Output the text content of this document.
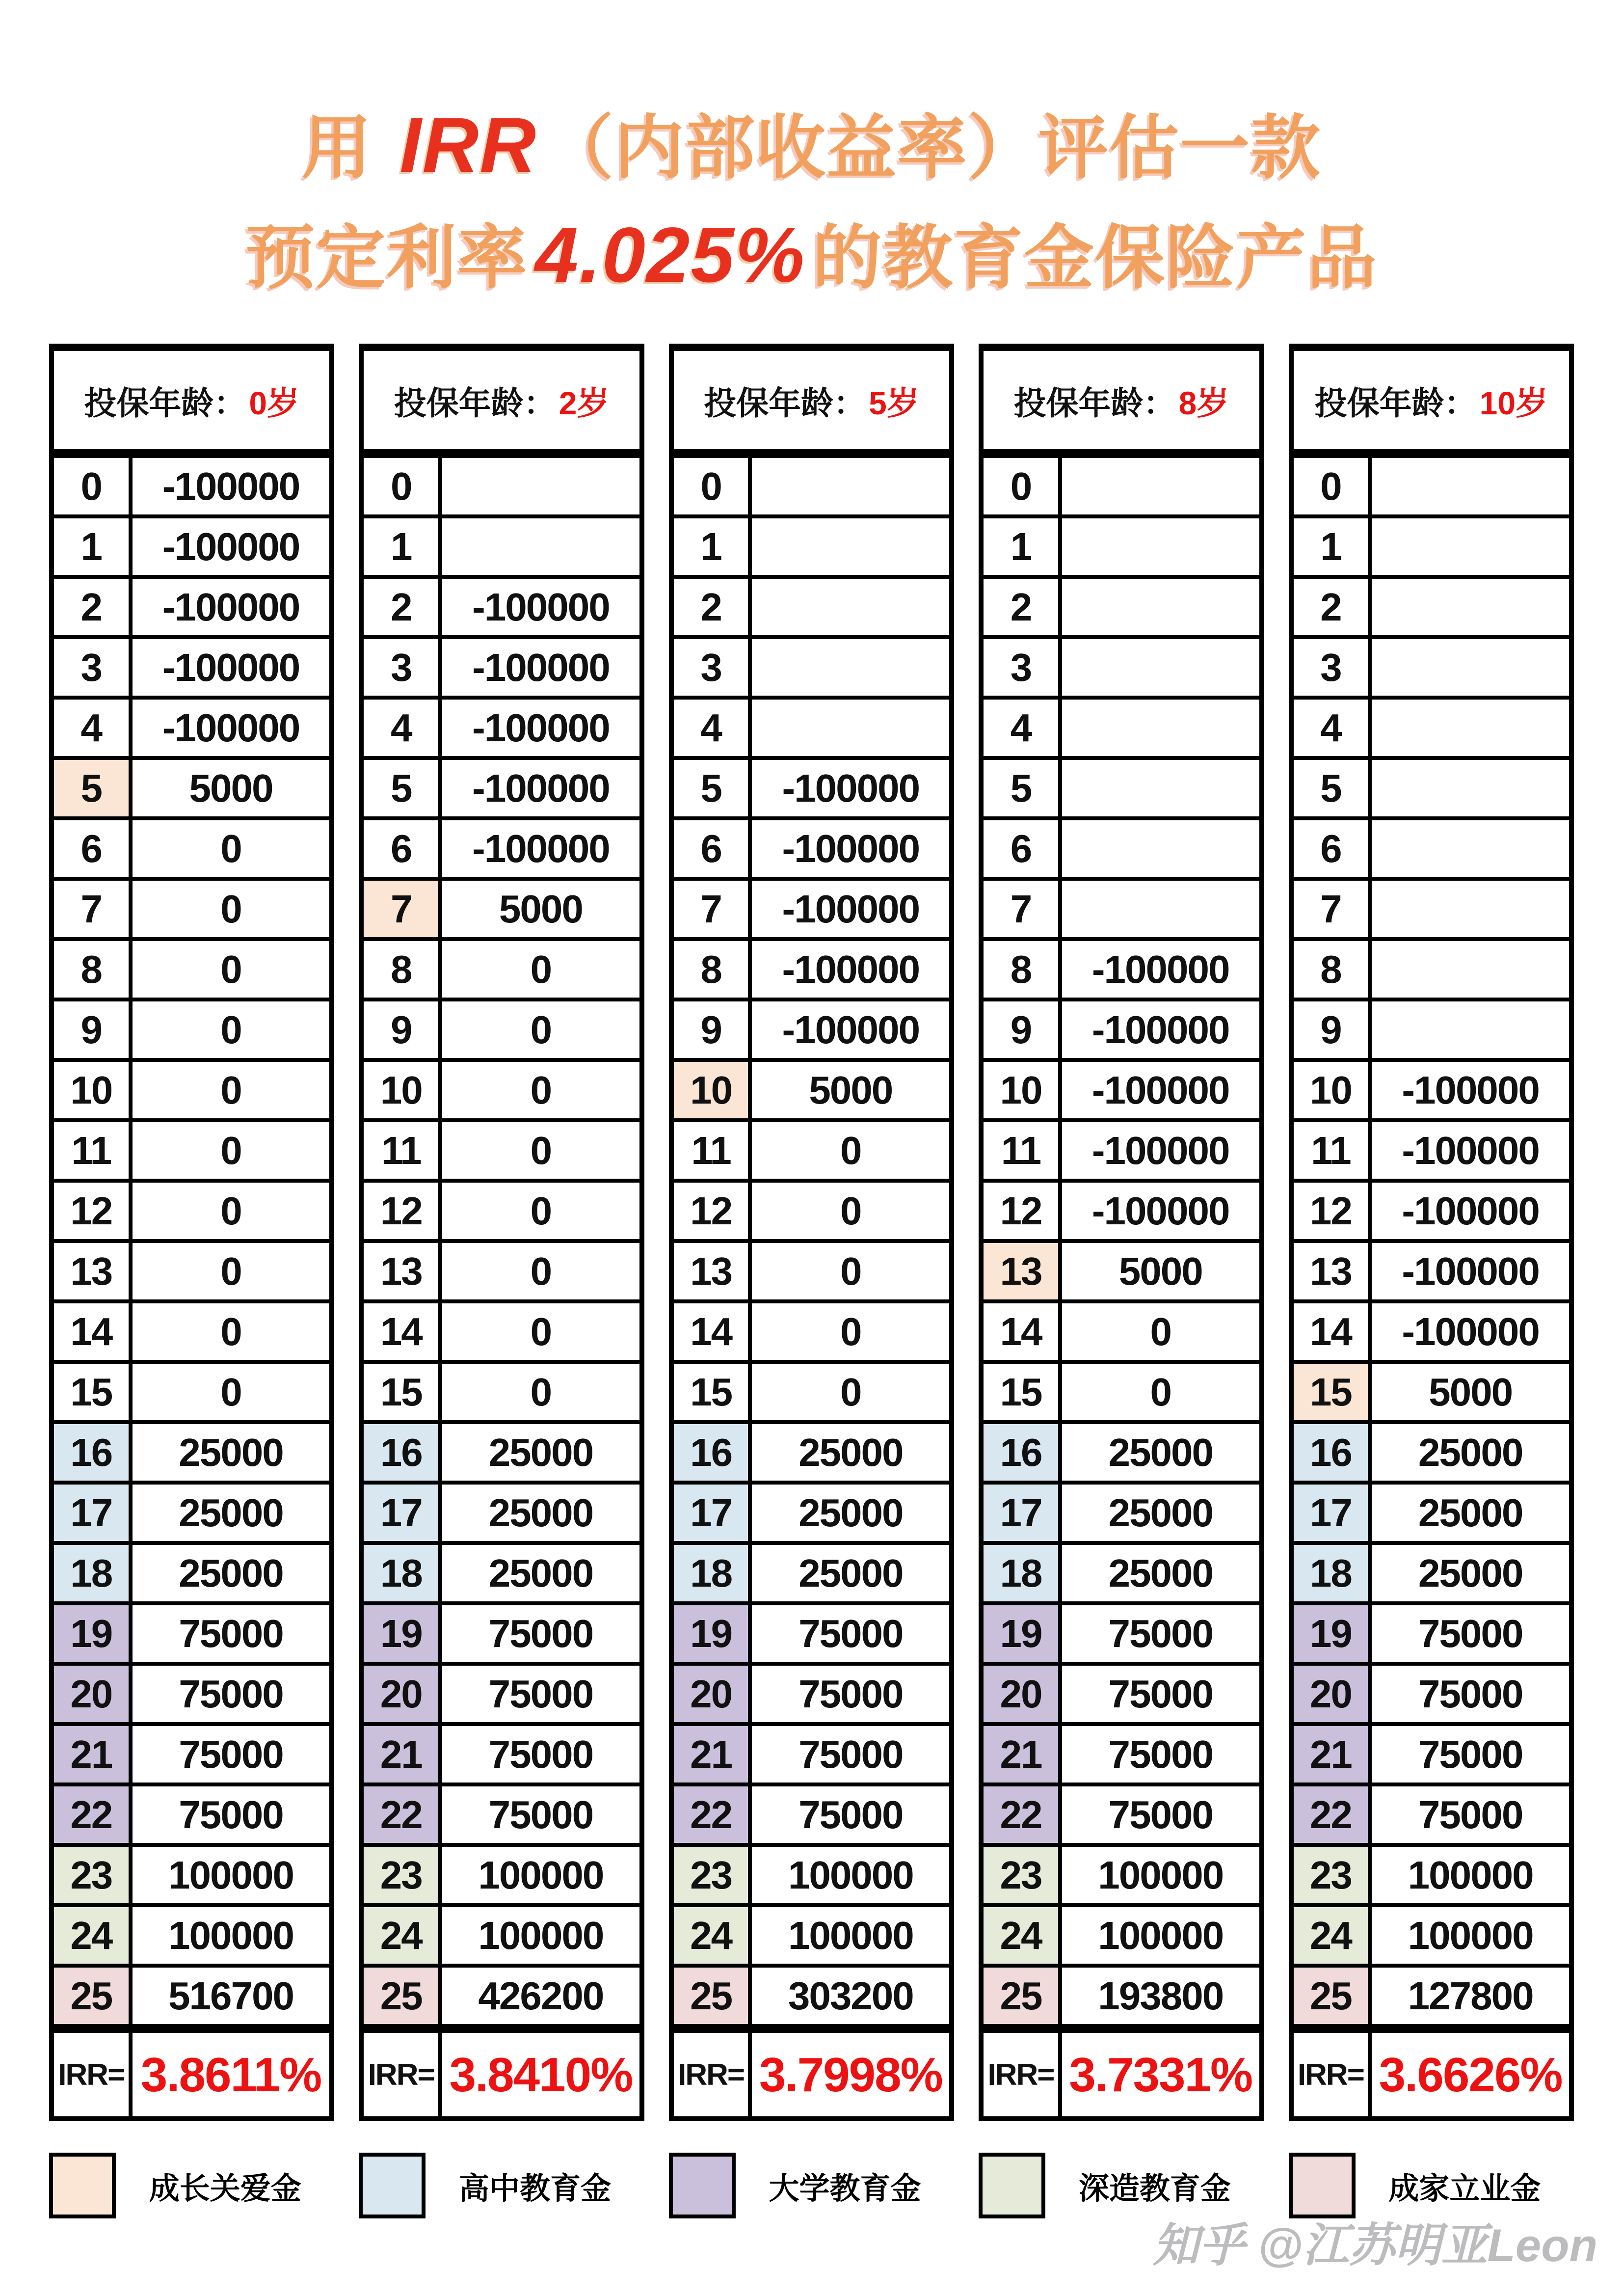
用 IRR（内部收益率）评估一款
预定利率4.025%的教育金保险产品
投保年龄： 0岁
0	-100000
1	-100000
2	-100000
3	-100000
4	-100000
5	5000
6	0
7	0
8	0
9	0
10	0
11	0
12	0
13	0
14	0
15	0
16	25000
17	25000
18	25000
19	75000
20	75000
21	75000
22	75000
23	100000
24	100000
25	516700
IRR= 3.8611%
投保年龄： 2岁
0
1
2	-100000
3	-100000
4	-100000
5	-100000
6	-100000
7	5000
8	0
9	0
10	0
11	0
12	0
13	0
14	0
15	0
16	25000
17	25000
18	25000
19	75000
20	75000
21	75000
22	75000
23	100000
24	100000
25	426200
IRR= 3.8410%
投保年龄： 5岁
0
1
2
3
4
5	-100000
6	-100000
7	-100000
8	-100000
9	-100000
10	5000
11	0
12	0
13	0
14	0
15	0
16	25000
17	25000
18	25000
19	75000
20	75000
21	75000
22	75000
23	100000
24	100000
25	303200
IRR= 3.7998%
投保年龄： 8岁
0
1
2
3
4
5
6
7
8	-100000
9	-100000
10	-100000
11	-100000
12	-100000
13	5000
14	0
15	0
16	25000
17	25000
18	25000
19	75000
20	75000
21	75000
22	75000
23	100000
24	100000
25	193800
IRR= 3.7331%
投保年龄： 10岁
0
1
2
3
4
5
6
7
8
9
10	-100000
11	-100000
12	-100000
13	-100000
14	-100000
15	5000
16	25000
17	25000
18	25000
19	75000
20	75000
21	75000
22	75000
23	100000
24	100000
25	127800
IRR= 3.6626%
成长关爱金	高中教育金	大学教育金	深造教育金	成家立业金
知乎 @江苏明亚Leon
